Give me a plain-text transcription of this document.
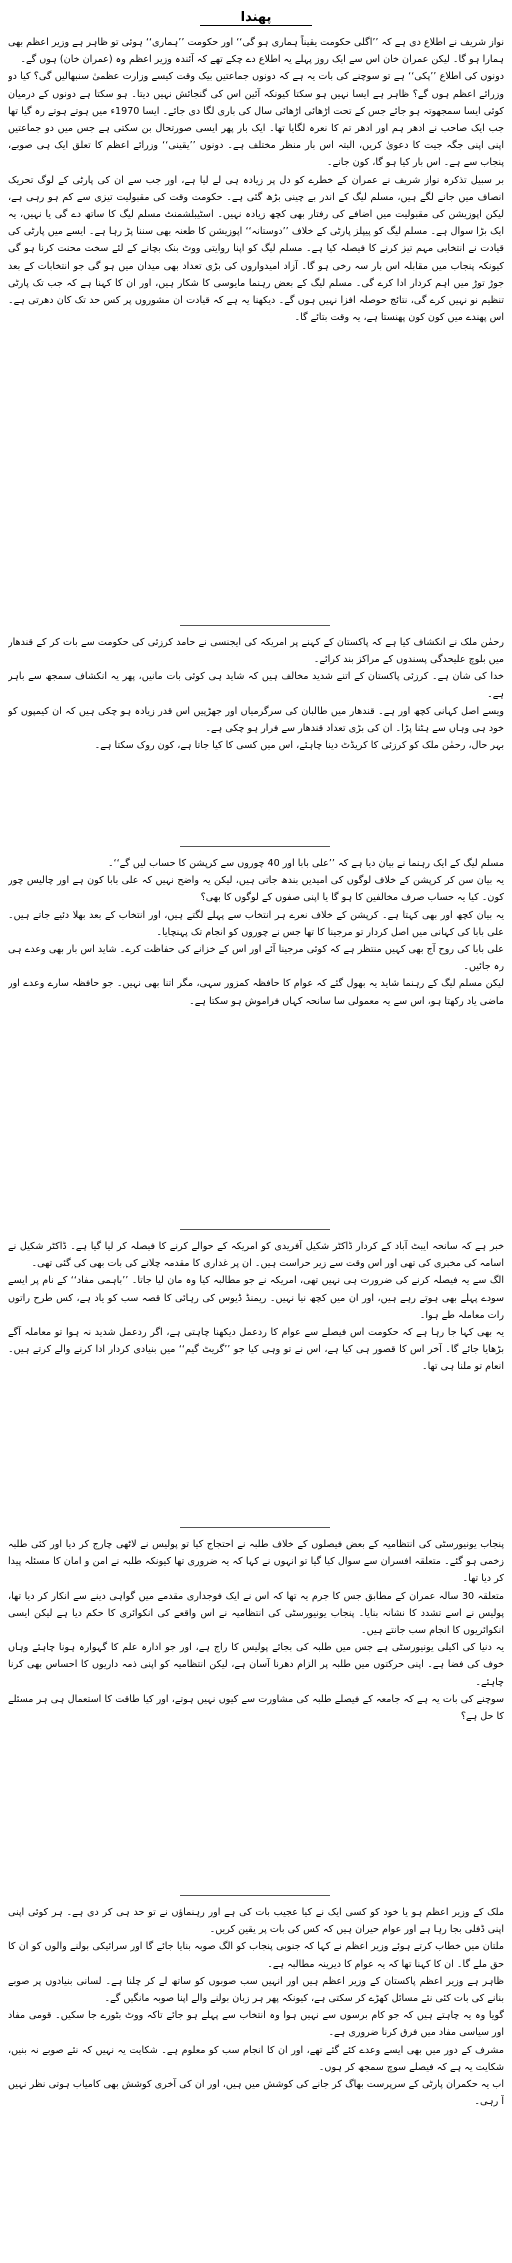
پھندا

نواز شریف نے اطلاع دی ہے کہ ’’اگلی حکومت یقیناً ہماری ہو گی‘‘ اور حکومت ’’ہماری‘‘ ہوئی تو ظاہر ہے وزیر اعظم بھی ہمارا ہو گا۔ لیکن عمران خان اس سے ایک روز پہلے یہ اطلاع دے چکے تھے کہ آئندہ وزیر اعظم وہ (عمران خان) ہوں گے۔

دونوں کی اطلاع ’’پکی‘‘ ہے تو سوچنے کی بات یہ ہے کہ دونوں جماعتیں بیک وقت کیسے وزارت عظمیٰ سنبھالیں گی؟ کیا دو وزرائے اعظم ہوں گے؟ ظاہر ہے ایسا نہیں ہو سکتا کیونکہ آئین اس کی گنجائش نہیں دیتا۔ ہو سکتا ہے دونوں کے درمیان کوئی ایسا سمجھوتہ ہو جائے جس کے تحت اڑھائی اڑھائی سال کی باری لگا دی جائے۔ ایسا 1970ء میں ہوتے ہوتے رہ گیا تھا جب ایک صاحب نے ادھر ہم اور ادھر تم کا نعرہ لگایا تھا۔ ایک بار پھر ایسی صورتحال بن سکتی ہے جس میں دو جماعتیں اپنی اپنی جگہ جیت کا دعویٰ کریں، البتہ اس بار منظر مختلف ہے۔ دونوں ’’یقینی‘‘ وزرائے اعظم کا تعلق ایک ہی صوبے، پنجاب سے ہے۔ اس بار کیا ہو گا، کون جانے۔

بر سبیل تذکرہ نواز شریف نے عمران کے خطرے کو دل پر زیادہ ہی لے لیا ہے، اور جب سے ان کی پارٹی کے لوگ تحریک انصاف میں جانے لگے ہیں، مسلم لیگ کے اندر بے چینی بڑھ گئی ہے۔ حکومت وقت کی مقبولیت تیزی سے کم ہو رہی ہے، لیکن اپوزیشن کی مقبولیت میں اضافے کی رفتار بھی کچھ زیادہ نہیں۔ اسٹیبلشمنٹ مسلم لیگ کا ساتھ دے گی یا نہیں، یہ ایک بڑا سوال ہے۔ مسلم لیگ کو پیپلز پارٹی کے خلاف ’’دوستانہ‘‘ اپوزیشن کا طعنہ بھی سننا پڑ رہا ہے۔ ایسے میں پارٹی کی قیادت نے انتخابی مہم تیز کرنے کا فیصلہ کیا ہے۔ مسلم لیگ کو اپنا روایتی ووٹ بنک بچانے کے لئے سخت محنت کرنا ہو گی کیونکہ پنجاب میں مقابلہ اس بار سہ رخی ہو گا۔ آزاد امیدواروں کی بڑی تعداد بھی میدان میں ہو گی جو انتخابات کے بعد جوڑ توڑ میں اہم کردار ادا کرے گی۔ مسلم لیگ کے بعض رہنما مایوسی کا شکار ہیں، اور ان کا کہنا ہے کہ جب تک پارٹی تنظیم نو نہیں کرے گی، نتائج حوصلہ افزا نہیں ہوں گے۔ دیکھنا یہ ہے کہ قیادت ان مشوروں پر کس حد تک کان دھرتی ہے۔ اس پھندے میں کون کون پھنستا ہے، یہ وقت بتائے گا۔

رحمٰن ملک نے انکشاف کیا ہے کہ پاکستان کے کہنے پر امریکہ کی ایجنسی نے حامد کرزئی کی حکومت سے بات کر کے قندھار میں بلوچ علیحدگی پسندوں کے مراکز بند کرائے۔

خدا کی شان ہے۔ کرزئی پاکستان کے اتنے شدید مخالف ہیں کہ شاید ہی کوئی بات مانیں، پھر یہ انکشاف سمجھ سے باہر ہے۔

ویسے اصل کہانی کچھ اور ہے۔ قندھار میں طالبان کی سرگرمیاں اور جھڑپیں اس قدر زیادہ ہو چکی ہیں کہ ان کیمپوں کو خود ہی وہاں سے ہٹنا پڑا۔ ان کی بڑی تعداد قندھار سے فرار ہو چکی ہے۔

بہر حال، رحمٰن ملک کو کرزئی کا کریڈٹ دینا چاہئے، اس میں کسی کا کیا جاتا ہے، کون روک سکتا ہے۔

مسلم لیگ کے ایک رہنما نے بیان دیا ہے کہ ’’علی بابا اور 40 چوروں سے کرپشن کا حساب لیں گے‘‘۔

یہ بیان سن کر کرپشن کے خلاف لوگوں کی امیدیں بندھ جاتی ہیں، لیکن یہ واضح نہیں کہ علی بابا کون ہے اور چالیس چور کون۔ کیا یہ حساب صرف مخالفین کا ہو گا یا اپنی صفوں کے لوگوں کا بھی؟

یہ بیان کچھ اور بھی کہتا ہے۔ کرپشن کے خلاف نعرے ہر انتخاب سے پہلے لگتے ہیں، اور انتخاب کے بعد بھلا دئیے جاتے ہیں۔ علی بابا کی کہانی میں اصل کردار تو مرجینا کا تھا جس نے چوروں کو انجام تک پہنچایا۔

علی بابا کی روح آج بھی کہیں منتظر ہے کہ کوئی مرجینا آئے اور اس کے خزانے کی حفاظت کرے۔ شاید اس بار بھی وعدے ہی رہ جائیں۔

لیکن مسلم لیگ کے رہنما شاید یہ بھول گئے کہ عوام کا حافظہ کمزور سہی، مگر اتنا بھی نہیں۔ جو حافظہ سارے وعدے اور ماضی یاد رکھتا ہو، اس سے یہ معمولی سا سانحہ کہاں فراموش ہو سکتا ہے۔

خبر ہے کہ سانحہ ایبٹ آباد کے کردار ڈاکٹر شکیل آفریدی کو امریکہ کے حوالے کرنے کا فیصلہ کر لیا گیا ہے۔ ڈاکٹر شکیل نے اسامہ کی مخبری کی تھی اور اس وقت سے زیر حراست ہیں۔ ان پر غداری کا مقدمہ چلانے کی بات بھی کی گئی تھی۔

الگ سے یہ فیصلہ کرنے کی ضرورت ہی نہیں تھی، امریکہ نے جو مطالبہ کیا وہ مان لیا جاتا۔ ’’باہمی مفاد‘‘ کے نام پر ایسے سودے پہلے بھی ہوتے رہے ہیں، اور ان میں کچھ نیا نہیں۔ ریمنڈ ڈیوس کی رہائی کا قصہ سب کو یاد ہے، کس طرح راتوں رات معاملہ طے ہوا۔

یہ بھی کہا جا رہا ہے کہ حکومت اس فیصلے سے عوام کا ردعمل دیکھنا چاہتی ہے، اگر ردعمل شدید نہ ہوا تو معاملہ آگے بڑھایا جائے گا۔ آخر اس کا قصور ہی کیا ہے، اس نے تو وہی کیا جو ’’گریٹ گیم‘‘ میں بنیادی کردار ادا کرنے والے کرتے ہیں۔ انعام تو ملنا ہی تھا۔

پنجاب یونیورسٹی کی انتظامیہ کے بعض فیصلوں کے خلاف طلبہ نے احتجاج کیا تو پولیس نے لاٹھی چارج کر دیا اور کئی طلبہ زخمی ہو گئے۔ متعلقہ افسران سے سوال کیا گیا تو انہوں نے کہا کہ یہ ضروری تھا کیونکہ طلبہ نے امن و امان کا مسئلہ پیدا کر دیا تھا۔

متعلقہ 30 سالہ عمران کے مطابق جس کا جرم یہ تھا کہ اس نے ایک فوجداری مقدمے میں گواہی دینے سے انکار کر دیا تھا، پولیس نے اسے تشدد کا نشانہ بنایا۔ پنجاب یونیورسٹی کی انتظامیہ نے اس واقعے کی انکوائری کا حکم دیا ہے لیکن ایسی انکوائریوں کا انجام سب جانتے ہیں۔

یہ دنیا کی اکیلی یونیورسٹی ہے جس میں طلبہ کی بجائے پولیس کا راج ہے، اور جو ادارہ علم کا گہوارہ ہونا چاہئے وہاں خوف کی فضا ہے۔ اپنی حرکتوں میں طلبہ پر الزام دھرنا آسان ہے، لیکن انتظامیہ کو اپنی ذمہ داریوں کا احساس بھی کرنا چاہئے۔

سوچنے کی بات یہ ہے کہ جامعہ کے فیصلے طلبہ کی مشاورت سے کیوں نہیں ہوتے، اور کیا طاقت کا استعمال ہی ہر مسئلے کا حل ہے؟

ملک کے وزیر اعظم ہو یا خود کو کسی ایک نے کیا عجیب بات کی ہے اور رہنماؤں نے تو حد ہی کر دی ہے۔ ہر کوئی اپنی اپنی ڈفلی بجا رہا ہے اور عوام حیران ہیں کہ کس کی بات پر یقین کریں۔

ملتان میں خطاب کرتے ہوئے وزیر اعظم نے کہا کہ جنوبی پنجاب کو الگ صوبہ بنایا جائے گا اور سرائیکی بولنے والوں کو ان کا حق ملے گا۔ ان کا کہنا تھا کہ یہ عوام کا دیرینہ مطالبہ ہے۔

ظاہر ہے وزیر اعظم پاکستان کے وزیر اعظم ہیں اور انہیں سب صوبوں کو ساتھ لے کر چلنا ہے۔ لسانی بنیادوں پر صوبے بنانے کی بات کئی نئے مسائل کھڑے کر سکتی ہے، کیونکہ پھر ہر زبان بولنے والے اپنا صوبہ مانگیں گے۔

گویا وہ یہ چاہتے ہیں کہ جو کام برسوں سے نہیں ہوا وہ انتخاب سے پہلے ہو جائے تاکہ ووٹ بٹورے جا سکیں۔ قومی مفاد اور سیاسی مفاد میں فرق کرنا ضروری ہے۔

مشرف کے دور میں بھی ایسے وعدے کئے گئے تھے، اور ان کا انجام سب کو معلوم ہے۔ شکایت یہ نہیں کہ نئے صوبے نہ بنیں، شکایت یہ ہے کہ فیصلے سوچ سمجھ کر ہوں۔

اب یہ حکمران پارٹی کے سرپرست بھاگ کر جانے کی کوشش میں ہیں، اور ان کی آخری کوشش بھی کامیاب ہوتی نظر نہیں آ رہی۔
